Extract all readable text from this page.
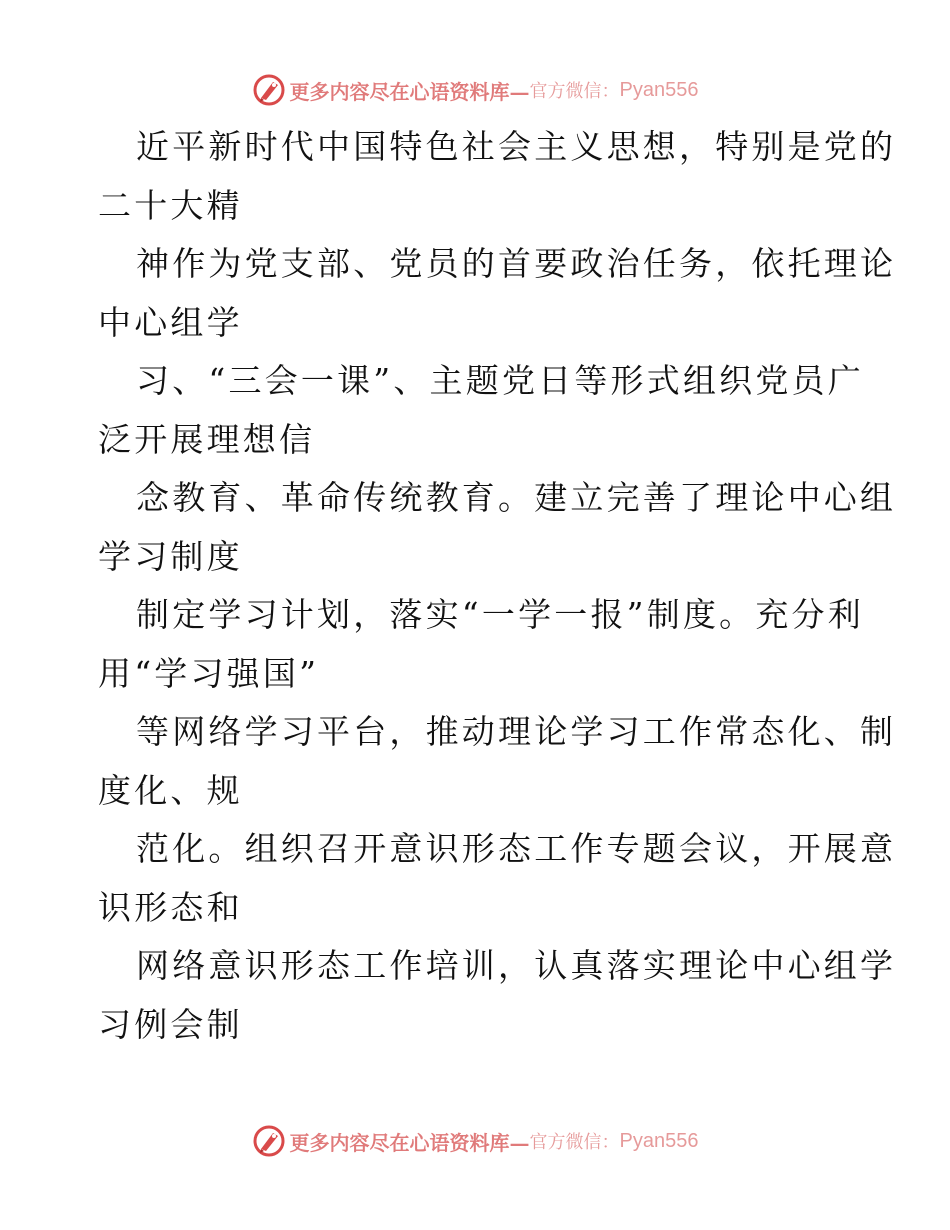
更多内容尽在心语资料库— 官方微信： Pyan556
近平新时代中国特色社会主义思想，特别是党的
二十大精
神作为党支部、党员的首要政治任务，依托理论
中心组学
习、“三会一课”、主题党日等形式组织党员广
泛开展理想信
念教育、革命传统教育。建立完善了理论中心组
学习制度
制定学习计划，落实“一学一报”制度。充分利
用“学习强国”
等网络学习平台，推动理论学习工作常态化、制
度化、规
范化。组织召开意识形态工作专题会议，开展意
识形态和
网络意识形态工作培训，认真落实理论中心组学
习例会制
更多内容尽在心语资料库— 官方微信： Pyan556
